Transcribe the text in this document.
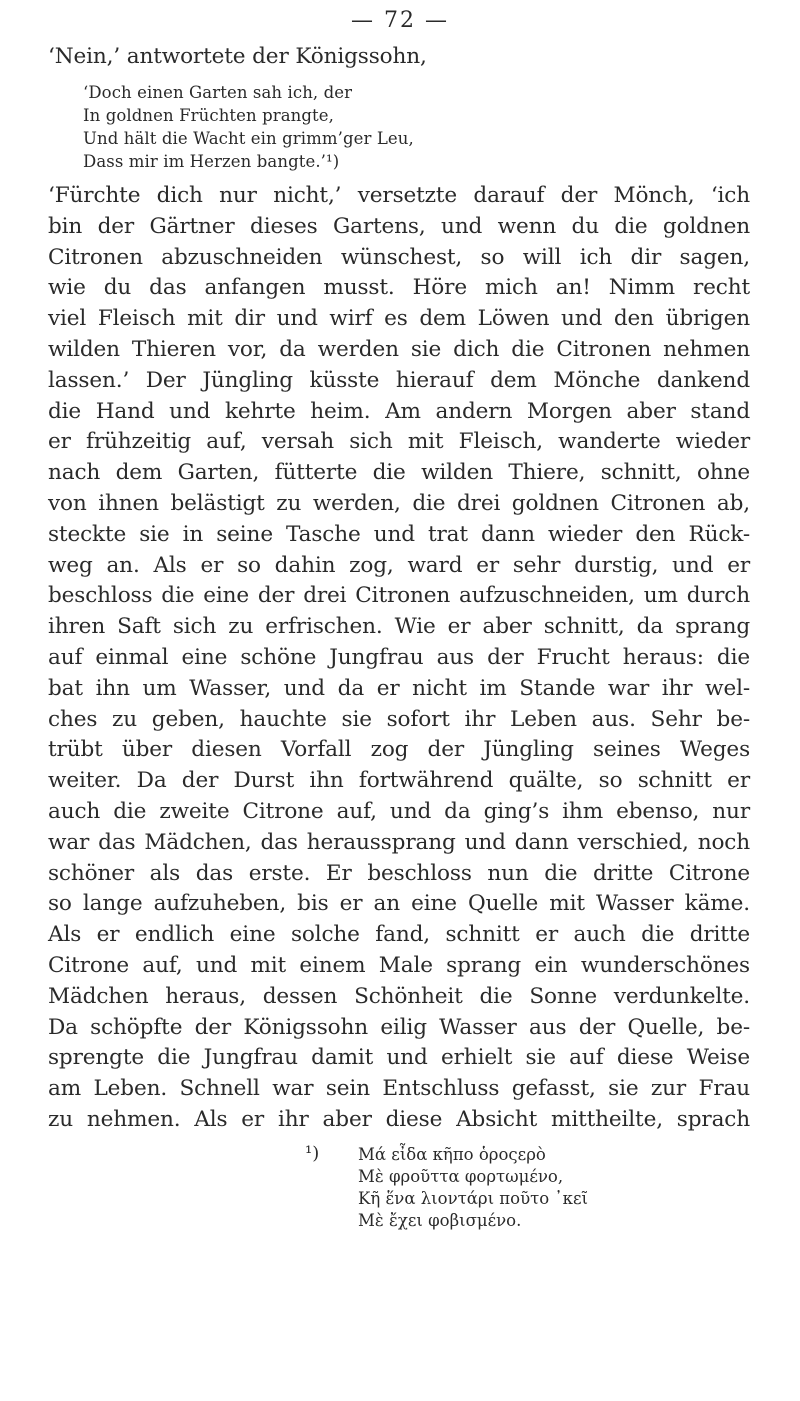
— 72 —
‘Nein,’ antwortete der Königssohn,
‘Doch einen Garten sah ich, der
In goldnen Früchten prangte,
Und hält die Wacht ein grimm’ger Leu,
Dass mir im Herzen bangte.’¹)
‘Fürchte dich nur nicht,’ versetzte darauf der Mönch, ‘ich
bin der Gärtner dieses Gartens, und wenn du die goldnen
Citronen abzuschneiden wünschest, so will ich dir sagen,
wie du das anfangen musst. Höre mich an! Nimm recht
viel Fleisch mit dir und wirf es dem Löwen und den übrigen
wilden Thieren vor, da werden sie dich die Citronen nehmen
lassen.’ Der Jüngling küsste hierauf dem Mönche dankend
die Hand und kehrte heim. Am andern Morgen aber stand
er frühzeitig auf, versah sich mit Fleisch, wanderte wieder
nach dem Garten, fütterte die wilden Thiere, schnitt, ohne
von ihnen belästigt zu werden, die drei goldnen Citronen ab,
steckte sie in seine Tasche und trat dann wieder den Rück-
weg an. Als er so dahin zog, ward er sehr durstig, und er
beschloss die eine der drei Citronen aufzuschneiden, um durch
ihren Saft sich zu erfrischen. Wie er aber schnitt, da sprang
auf einmal eine schöne Jungfrau aus der Frucht heraus: die
bat ihn um Wasser, und da er nicht im Stande war ihr wel-
ches zu geben, hauchte sie sofort ihr Leben aus. Sehr be-
trübt über diesen Vorfall zog der Jüngling seines Weges
weiter. Da der Durst ihn fortwährend quälte, so schnitt er
auch die zweite Citrone auf, und da ging’s ihm ebenso, nur
war das Mädchen, das heraussprang und dann verschied, noch
schöner als das erste. Er beschloss nun die dritte Citrone
so lange aufzuheben, bis er an eine Quelle mit Wasser käme.
Als er endlich eine solche fand, schnitt er auch die dritte
Citrone auf, und mit einem Male sprang ein wunderschönes
Mädchen heraus, dessen Schönheit die Sonne verdunkelte.
Da schöpfte der Königssohn eilig Wasser aus der Quelle, be-
sprengte die Jungfrau damit und erhielt sie auf diese Weise
am Leben. Schnell war sein Entschluss gefasst, sie zur Frau
zu nehmen. Als er ihr aber diese Absicht mittheilte, sprach
¹) Μά εἶδα κῆπο ὁροςερὸ
Μὲ φροῦττα φορτωμένο,
Κῆ ἕνα λιοντάρι ποῦτο ᾽κεῖ
Μὲ ἔχει φοβισμένο.
